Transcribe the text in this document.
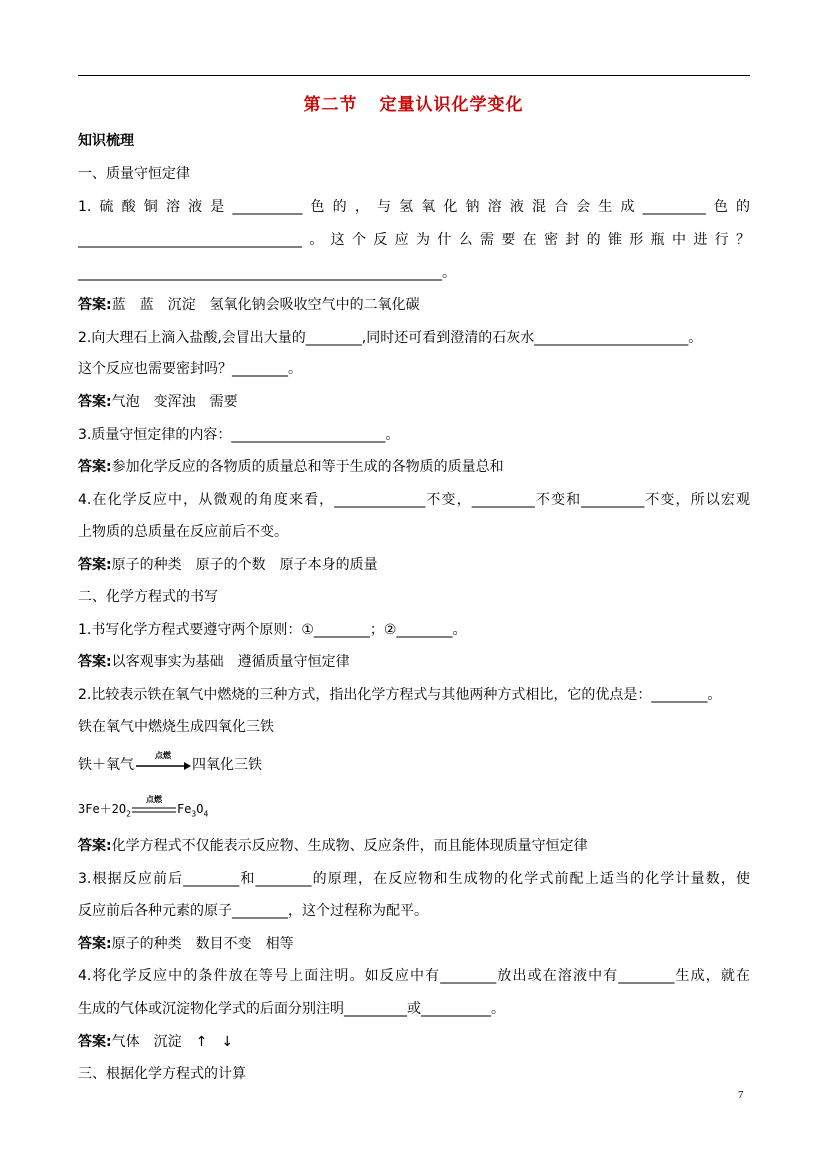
第二节 定量认识化学变化
知识梳理
一、质量守恒定律
1.硫酸铜溶液是__________色的，与氢氧化钠溶液混合会生成_________色的
________________________________。这个反应为什么需要在密封的锥形瓶中进行？
____________________________________________________。
答案:蓝　蓝　沉淀　氢氧化钠会吸收空气中的二氧化碳
2.向大理石上滴入盐酸,会冒出大量的________,同时还可看到澄清的石灰水______________________。
这个反应也需要密封吗？________。
答案:气泡　变浑浊　需要
3.质量守恒定律的内容：______________________。
答案:参加化学反应的各物质的质量总和等于生成的各物质的质量总和
4.在化学反应中，从微观的角度来看，_____________不变，_________不变和_________不变，所以宏观
上物质的总质量在反应前后不变。
答案:原子的种类　原子的个数　原子本身的质量
二、化学方程式的书写
1.书写化学方程式要遵守两个原则：①________；②________。
答案:以客观事实为基础　遵循质量守恒定律
2.比较表示铁在氧气中燃烧的三种方式，指出化学方程式与其他两种方式相比，它的优点是：________。
铁在氧气中燃烧生成四氧化三铁
铁＋氧气
点燃
四氧化三铁
$3Fe+2O_2$
点燃
$Fe_3O_4$
答案:化学方程式不仅能表示反应物、生成物、反应条件，而且能体现质量守恒定律
3.根据反应前后________和________的原理，在反应物和生成物的化学式前配上适当的化学计量数，使
反应前后各种元素的原子________，这个过程称为配平。
答案:原子的种类　数目不变　相等
4.将化学反应中的条件放在等号上面注明。如反应中有________放出或在溶液中有________生成，就在
生成的气体或沉淀物化学式的后面分别注明_________或__________。
答案:气体　沉淀　↑　↓
三、根据化学方程式的计算
7
